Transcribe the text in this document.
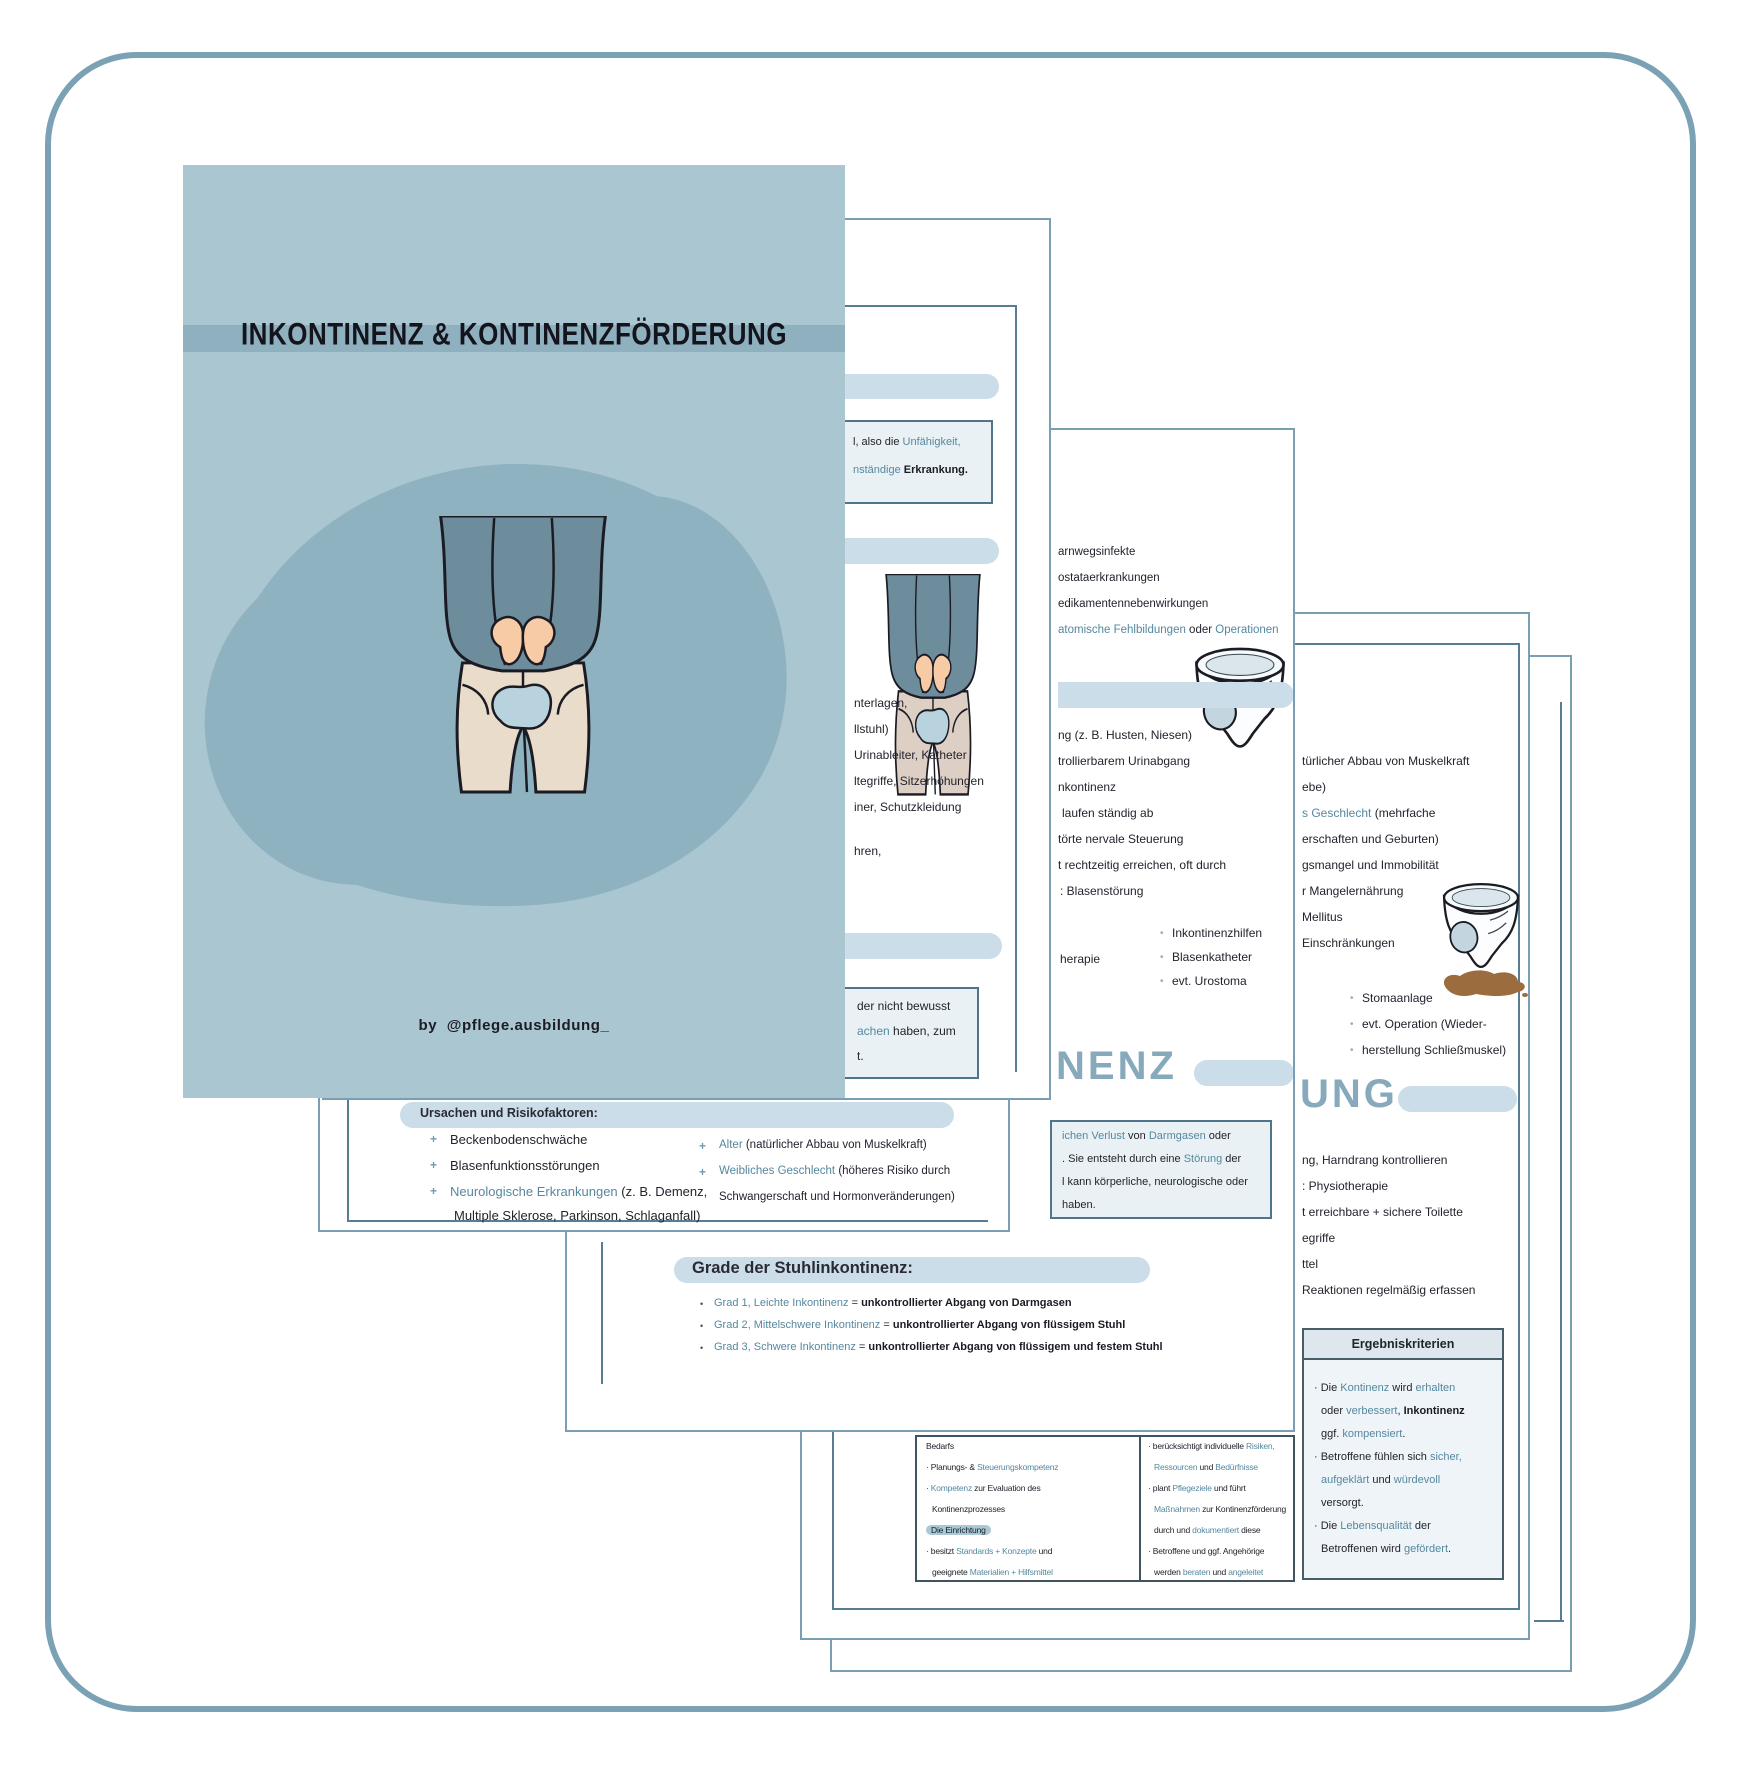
türlicher Abbau von Muskelkraft
ebe)
s Geschlecht (mehrfache
erschaften und Geburten)
gsmangel und Immobilität
r Mangelernährung
Mellitus
Einschränkungen
• Stomaanlage
• evt. Operation (Wieder-
• herstellung Schließmuskel)
UNG
ng, Harndrang kontrollieren
: Physiotherapie
t erreichbare + sichere Toilette
egriffe
ttel
Reaktionen regelmäßig erfassen
Ergebniskriterien
· Die Kontinenz wird erhalten
oder verbessert, Inkontinenz
ggf. kompensiert.
· Betroffene fühlen sich sicher,
aufgeklärt und würdevoll
versorgt.
· Die Lebensqualität der
Betroffenen wird gefördert.
Bedarfs
· Planungs- & Steuerungskompetenz
· Kompetenz zur Evaluation des
Kontinenzprozesses
Die Einrichtung
· besitzt Standards + Konzepte und
geeignete Materialien + Hilfsmittel
· berücksichtigt individuelle Risiken,
Ressourcen und Bedürfnisse
· plant Pflegeziele und führt
Maßnahmen zur Kontinenzförderung
durch und dokumentiert diese
· Betroffene und ggf. Angehörige
werden beraten und angeleitet
arnwegsinfekte
ostataerkrankungen
edikamentennebenwirkungen
atomische Fehlbildungen oder Operationen
ng (z. B. Husten, Niesen)
trollierbarem Urinabgang
nkontinenz
laufen ständig ab
törte nervale Steuerung
t rechtzeitig erreichen, oft durch
: Blasenstörung
herapie
• Inkontinenzhilfen
• Blasenkatheter
• evt. Urostoma
NENZ
ichen Verlust von Darmgasen oder
. Sie entsteht durch eine Störung der
l kann körperliche, neurologische oder
haben.
Grade der Stuhlinkontinenz:
• Grad 1, Leichte Inkontinenz = unkontrollierter Abgang von Darmgasen
• Grad 2, Mittelschwere Inkontinenz = unkontrollierter Abgang von flüssigem Stuhl
• Grad 3, Schwere Inkontinenz = unkontrollierter Abgang von flüssigem und festem Stuhl
Ursachen und Risikofaktoren:
+ Beckenbodenschwäche
+ Blasenfunktionsstörungen
+ Neurologische Erkrankungen (z. B. Demenz,
Multiple Sklerose, Parkinson, Schlaganfall)
+ Alter (natürlicher Abbau von Muskelkraft)
+ Weibliches Geschlecht (höheres Risiko durch
Schwangerschaft und Hormonveränderungen)
l, also die Unfähigkeit,
nständige Erkrankung.
nterlagen,
llstuhl)
Urinableiter, Katheter
ltegriffe, Sitzerhöhungen
iner, Schutzkleidung
hren,
der nicht bewusst
achen haben, zum
t.
INKONTINENZ & KONTINENZFÖRDERUNG
by @pflege.ausbildung_
